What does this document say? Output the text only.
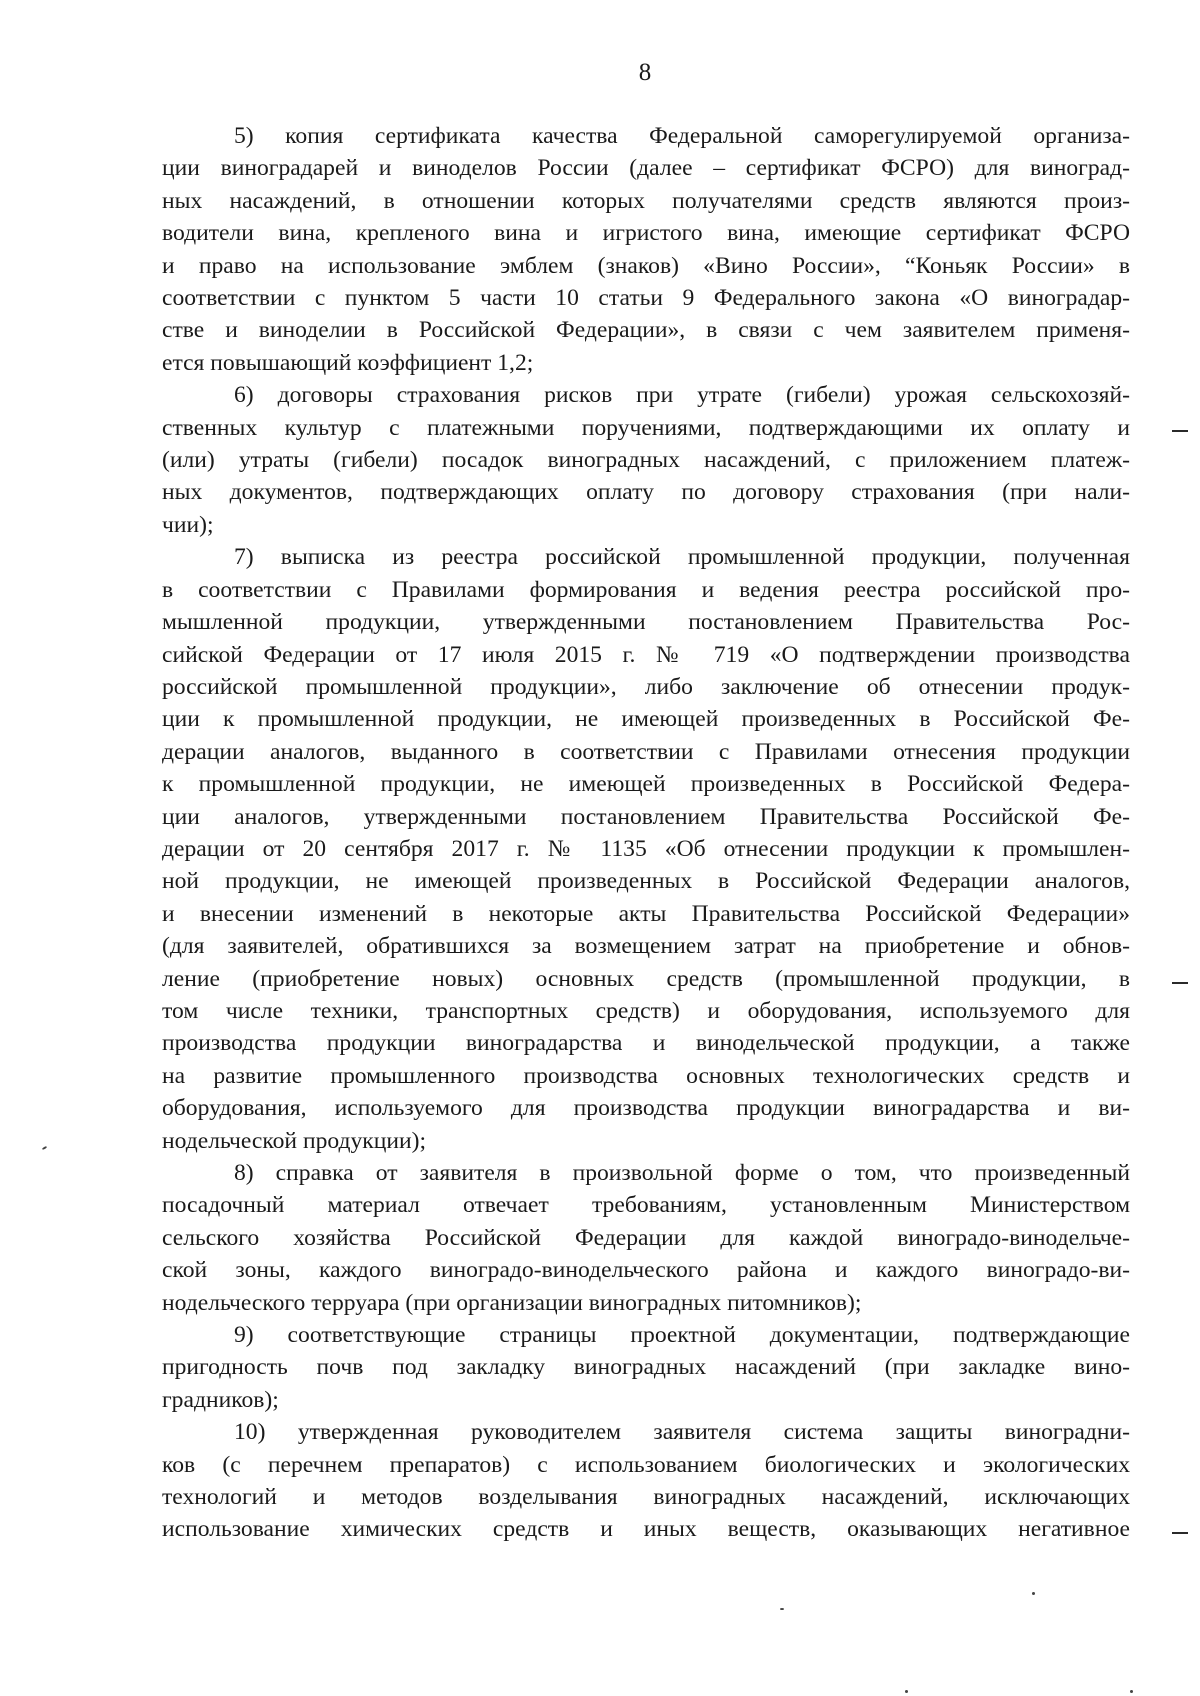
8
5) копия сертификата качества Федеральной саморегулируемой организа-
ции виноградарей и виноделов России (далее – сертификат ФСРО) для виноград-
ных насаждений, в отношении которых получателями средств являются произ-
водители вина, крепленого вина и игристого вина, имеющие сертификат ФСРО
и право на использование эмблем (знаков) «Вино России», “Коньяк России» в
соответствии с пунктом 5 части 10 статьи 9 Федерального закона «О виноградар-
стве и виноделии в Российской Федерации», в связи с чем заявителем применя-
ется повышающий коэффициент 1,2;
6) договоры страхования рисков при утрате (гибели) урожая сельскохозяй-
ственных культур с платежными поручениями, подтверждающими их оплату и
(или) утраты (гибели) посадок виноградных насаждений, с приложением платеж-
ных документов, подтверждающих оплату по договору страхования (при нали-
чии);
7) выписка из реестра российской промышленной продукции, полученная
в соответствии с Правилами формирования и ведения реестра российской про-
мышленной продукции, утвержденными постановлением Правительства Рос-
сийской Федерации от 17 июля 2015 г. № 719 «О подтверждении производства
российской промышленной продукции», либо заключение об отнесении продук-
ции к промышленной продукции, не имеющей произведенных в Российской Фе-
дерации аналогов, выданного в соответствии с Правилами отнесения продукции
к промышленной продукции, не имеющей произведенных в Российской Федера-
ции аналогов, утвержденными постановлением Правительства Российской Фе-
дерации от 20 сентября 2017 г. № 1135 «Об отнесении продукции к промышлен-
ной продукции, не имеющей произведенных в Российской Федерации аналогов,
и внесении изменений в некоторые акты Правительства Российской Федерации»
(для заявителей, обратившихся за возмещением затрат на приобретение и обнов-
ление (приобретение новых) основных средств (промышленной продукции, в
том числе техники, транспортных средств) и оборудования, используемого для
производства продукции виноградарства и винодельческой продукции, а также
на развитие промышленного производства основных технологических средств и
оборудования, используемого для производства продукции виноградарства и ви-
нодельческой продукции);
8) справка от заявителя в произвольной форме о том, что произведенный
посадочный материал отвечает требованиям, установленным Министерством
сельского хозяйства Российской Федерации для каждой виноградо-винодельче-
ской зоны, каждого виноградо-винодельческого района и каждого виноградо-ви-
нодельческого терруара (при организации виноградных питомников);
9) соответствующие страницы проектной документации, подтверждающие
пригодность почв под закладку виноградных насаждений (при закладке вино-
градников);
10) утвержденная руководителем заявителя система защиты виноградни-
ков (с перечнем препаратов) с использованием биологических и экологических
технологий и методов возделывания виноградных насаждений, исключающих
использование химических средств и иных веществ, оказывающих негативное
